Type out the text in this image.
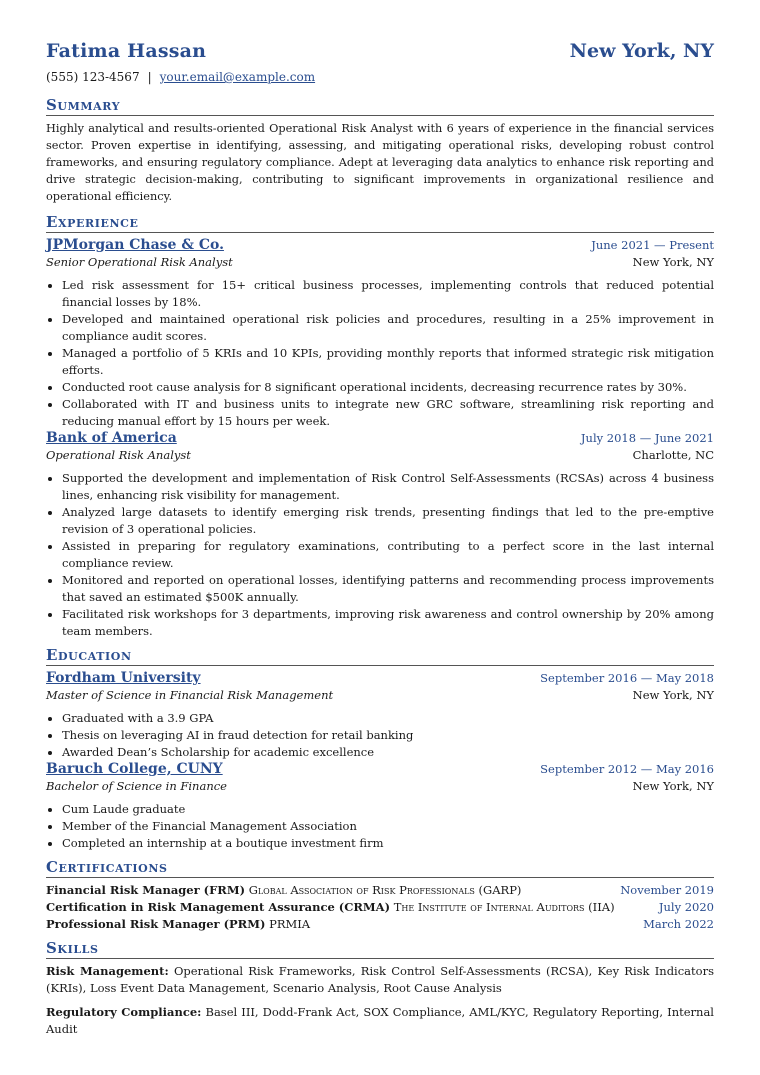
Fatima Hassan	New York, NY
(555) 123-4567 | your.email@example.com
Summary
Highly analytical and results-oriented Operational Risk Analyst with 6 years of experience in the financial services sector. Proven expertise in identifying, assessing, and mitigating operational risks, developing robust control frameworks, and ensuring regulatory compliance. Adept at leveraging data analytics to enhance risk reporting and drive strategic decision-making, contributing to significant improvements in organizational resilience and operational efficiency.
Experience
JPMorgan Chase & Co.	June 2021 — Present
Senior Operational Risk Analyst	New York, NY
• Led risk assessment for 15+ critical business processes, implementing controls that reduced potential financial losses by 18%.
• Developed and maintained operational risk policies and procedures, resulting in a 25% improvement in compliance audit scores.
• Managed a portfolio of 5 KRIs and 10 KPIs, providing monthly reports that informed strategic risk mitigation efforts.
• Conducted root cause analysis for 8 significant operational incidents, decreasing recurrence rates by 30%.
• Collaborated with IT and business units to integrate new GRC software, streamlining risk reporting and reducing manual effort by 15 hours per week.
Bank of America	July 2018 — June 2021
Operational Risk Analyst	Charlotte, NC
• Supported the development and implementation of Risk Control Self-Assessments (RCSAs) across 4 business lines, enhancing risk visibility for management.
• Analyzed large datasets to identify emerging risk trends, presenting findings that led to the pre-emptive revision of 3 operational policies.
• Assisted in preparing for regulatory examinations, contributing to a perfect score in the last internal compliance review.
• Monitored and reported on operational losses, identifying patterns and recommending process improvements that saved an estimated $500K annually.
• Facilitated risk workshops for 3 departments, improving risk awareness and control ownership by 20% among team members.
Education
Fordham University	September 2016 — May 2018
Master of Science in Financial Risk Management	New York, NY
• Graduated with a 3.9 GPA
• Thesis on leveraging AI in fraud detection for retail banking
• Awarded Dean’s Scholarship for academic excellence
Baruch College, CUNY	September 2012 — May 2016
Bachelor of Science in Finance	New York, NY
• Cum Laude graduate
• Member of the Financial Management Association
• Completed an internship at a boutique investment firm
Certifications
Financial Risk Manager (FRM) Global Association of Risk Professionals (GARP)	November 2019
Certification in Risk Management Assurance (CRMA) The Institute of Internal Auditors (IIA)	July 2020
Professional Risk Manager (PRM) PRMIA	March 2022
Skills
Risk Management: Operational Risk Frameworks, Risk Control Self-Assessments (RCSA), Key Risk Indicators (KRIs), Loss Event Data Management, Scenario Analysis, Root Cause Analysis
Regulatory Compliance: Basel III, Dodd-Frank Act, SOX Compliance, AML/KYC, Regulatory Reporting, Internal Audit
